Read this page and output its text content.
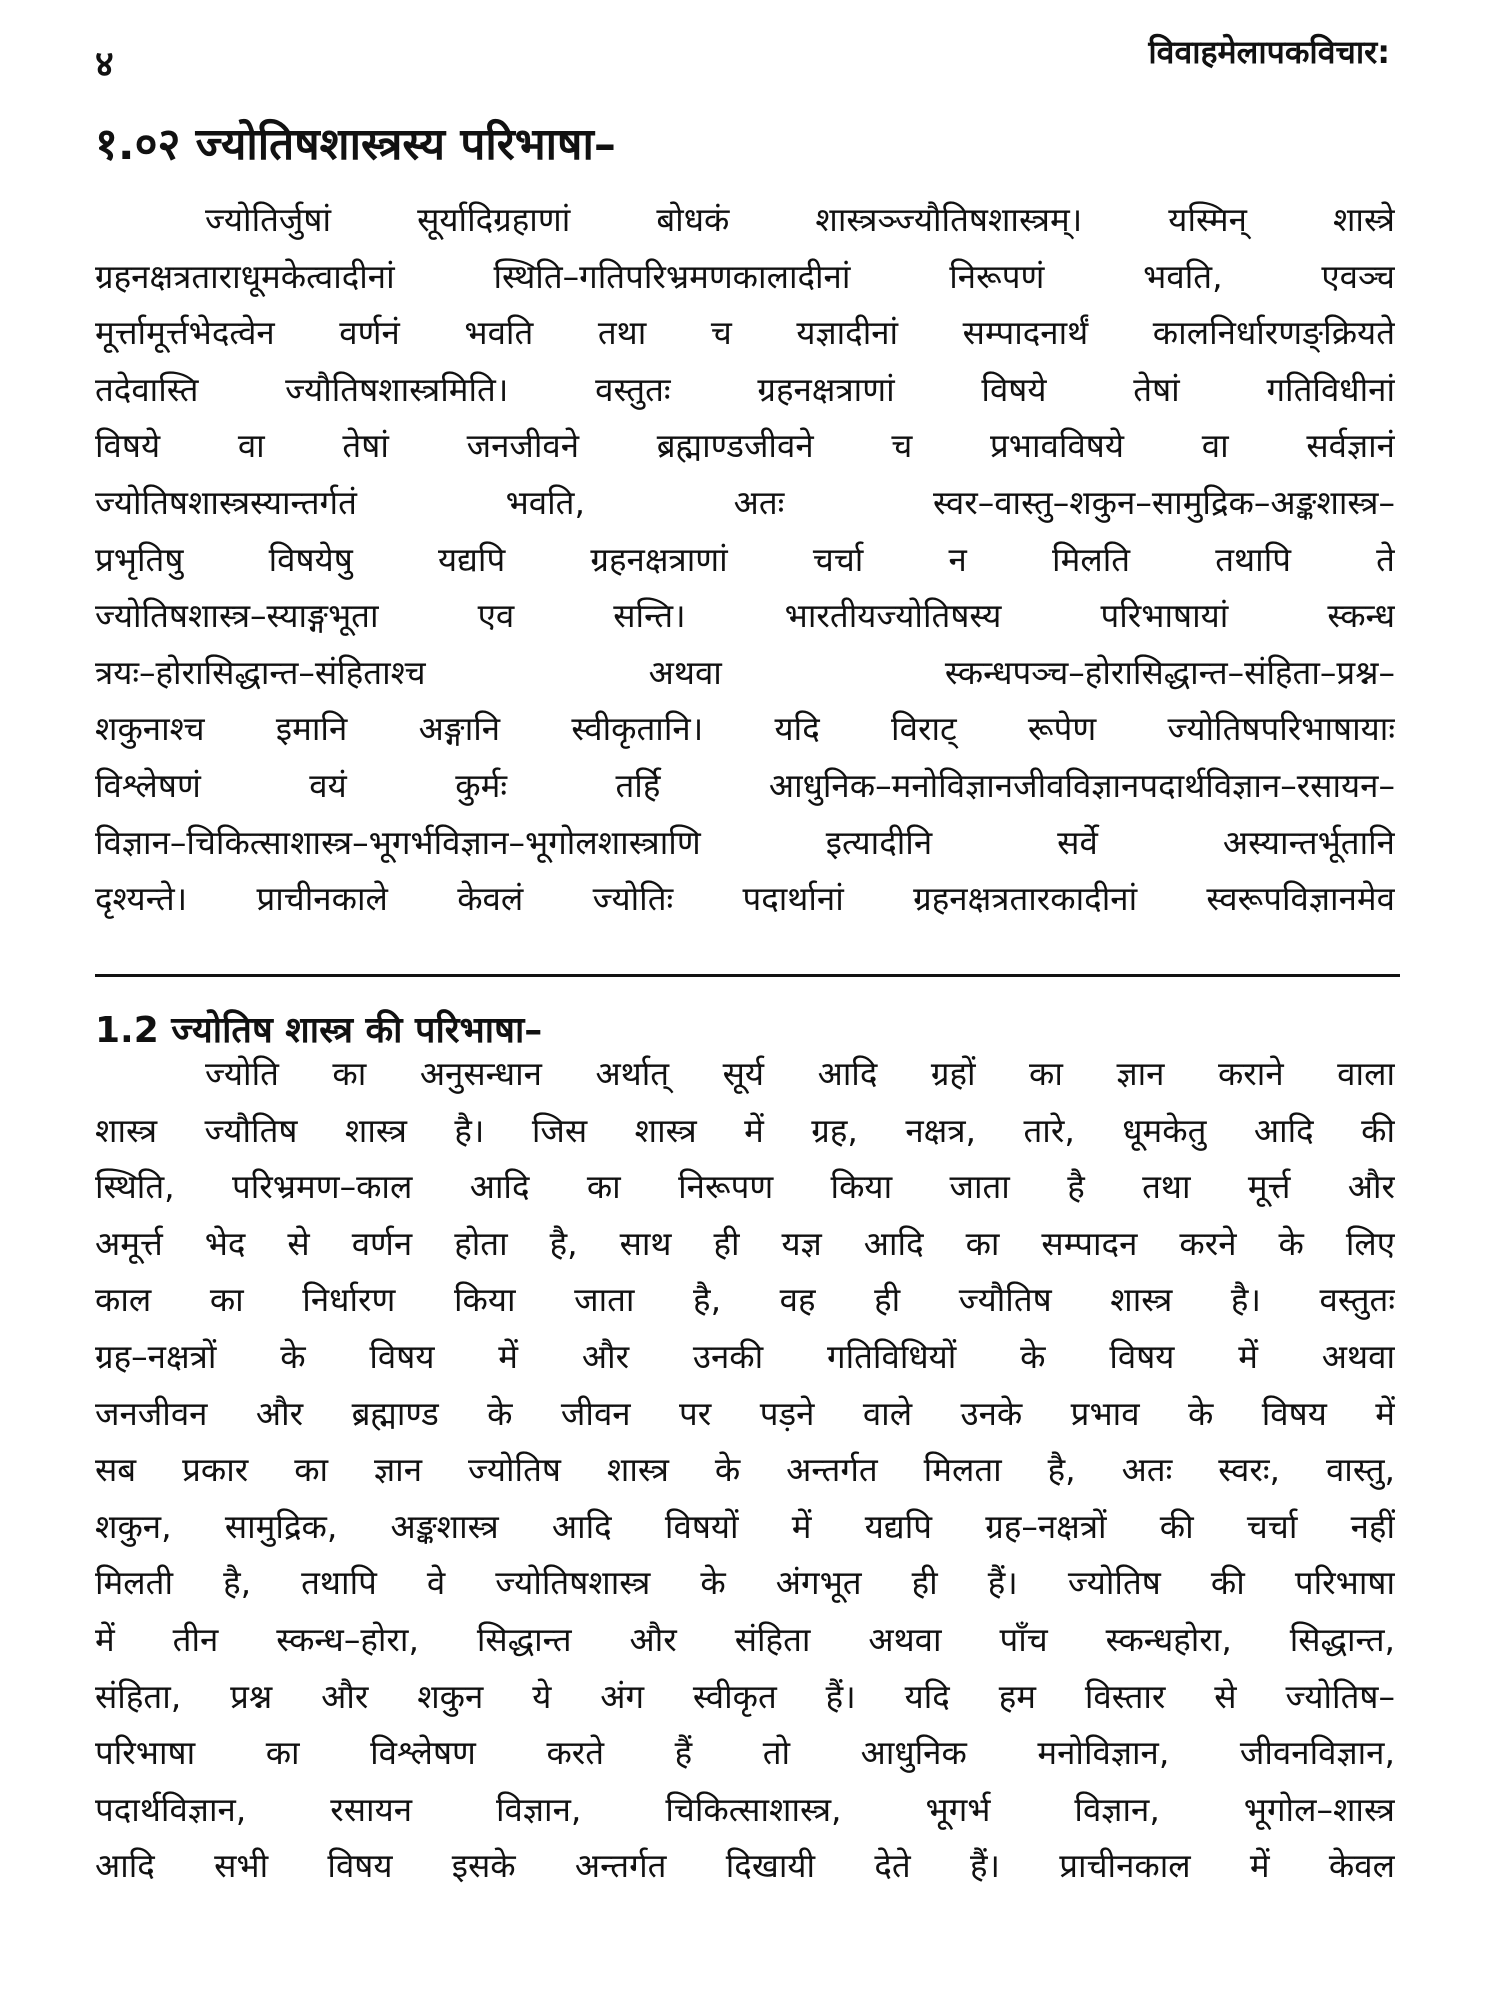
४	विवाहमेलापकविचार:
१.०२ ज्योतिषशास्त्रस्य परिभाषा–
ज्योतिर्जुषां सूर्यादिग्रहाणां बोधकं शास्त्रञ्ज्यौतिषशास्त्रम्। यस्मिन् शास्त्रे
ग्रहनक्षत्रताराधूमकेत्वादीनां स्थिति–गतिपरिभ्रमणकालादीनां निरूपणं भवति, एवञ्च
मूर्त्तामूर्त्तभेदत्वेन वर्णनं भवति तथा च यज्ञादीनां सम्पादनार्थं कालनिर्धारणङ्क्रियते
तदेवास्ति ज्यौतिषशास्त्रमिति। वस्तुतः ग्रहनक्षत्राणां विषये तेषां गतिविधीनां
विषये वा तेषां जनजीवने ब्रह्माण्डजीवने च प्रभावविषये वा सर्वज्ञानं
ज्योतिषशास्त्रस्यान्तर्गतं भवति, अतः स्वर–वास्तु–शकुन–सामुद्रिक–अङ्कशास्त्र–
प्रभृतिषु विषयेषु यद्यपि ग्रहनक्षत्राणां चर्चा न मिलति तथापि ते
ज्योतिषशास्त्र–स्याङ्गभूता एव सन्ति। भारतीयज्योतिषस्य परिभाषायां स्कन्ध
त्रयः–होरासिद्धान्त–संहिताश्च अथवा स्कन्धपञ्च–होरासिद्धान्त–संहिता–प्रश्न–
शकुनाश्च इमानि अङ्गानि स्वीकृतानि। यदि विराट् रूपेण ज्योतिषपरिभाषायाः
विश्लेषणं वयं कुर्मः तर्हि आधुनिक–मनोविज्ञानजीवविज्ञानपदार्थविज्ञान–रसायन–
विज्ञान–चिकित्साशास्त्र–भूगर्भविज्ञान–भूगोलशास्त्राणि इत्यादीनि सर्वे अस्यान्तर्भूतानि
दृश्यन्ते। प्राचीनकाले केवलं ज्योतिः पदार्थानां ग्रहनक्षत्रतारकादीनां स्वरूपविज्ञानमेव
1.2 ज्योतिष शास्त्र की परिभाषा–
ज्योति का अनुसन्धान अर्थात् सूर्य आदि ग्रहों का ज्ञान कराने वाला
शास्त्र ज्यौतिष शास्त्र है। जिस शास्त्र में ग्रह, नक्षत्र, तारे, धूमकेतु आदि की
स्थिति, परिभ्रमण–काल आदि का निरूपण किया जाता है तथा मूर्त्त और
अमूर्त्त भेद से वर्णन होता है, साथ ही यज्ञ आदि का सम्पादन करने के लिए
काल का निर्धारण किया जाता है, वह ही ज्यौतिष शास्त्र है। वस्तुतः
ग्रह–नक्षत्रों के विषय में और उनकी गतिविधियों के विषय में अथवा
जनजीवन और ब्रह्माण्ड के जीवन पर पड़ने वाले उनके प्रभाव के विषय में
सब प्रकार का ज्ञान ज्योतिष शास्त्र के अन्तर्गत मिलता है, अतः स्वरः, वास्तु,
शकुन, सामुद्रिक, अङ्कशास्त्र आदि विषयों में यद्यपि ग्रह–नक्षत्रों की चर्चा नहीं
मिलती है, तथापि वे ज्योतिषशास्त्र के अंगभूत ही हैं। ज्योतिष की परिभाषा
में तीन स्कन्ध–होरा, सिद्धान्त और संहिता अथवा पाँच स्कन्धहोरा, सिद्धान्त,
संहिता, प्रश्न और शकुन ये अंग स्वीकृत हैं। यदि हम विस्तार से ज्योतिष–
परिभाषा का विश्लेषण करते हैं तो आधुनिक मनोविज्ञान, जीवनविज्ञान,
पदार्थविज्ञान, रसायन विज्ञान, चिकित्साशास्त्र, भूगर्भ विज्ञान, भूगोल–शास्त्र
आदि सभी विषय इसके अन्तर्गत दिखायी देते हैं। प्राचीनकाल में केवल
